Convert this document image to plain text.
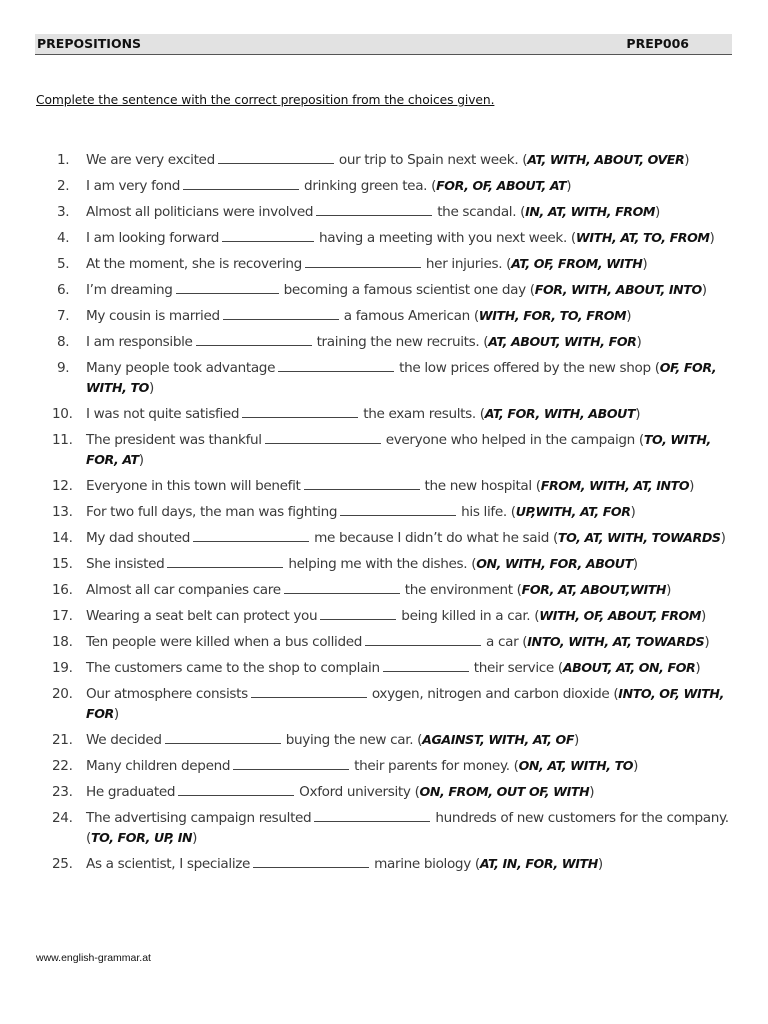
PREPOSITIONS	PREP006
Complete the sentence with the correct preposition from the choices given.
1.	We are very excited	our trip to Spain next week. (AT, WITH, ABOUT, OVER)
2.	I am very fond	drinking green tea. (FOR, OF, ABOUT, AT)
3.	Almost all politicians were involved	the scandal. (IN, AT, WITH, FROM)
4.	I am looking forward	having a meeting with you next week. (WITH, AT, TO, FROM)
5.	At the moment, she is recovering	her injuries. (AT, OF, FROM, WITH)
6.	I’m dreaming	becoming a famous scientist one day (FOR, WITH, ABOUT, INTO)
7.	My cousin is married	a famous American (WITH, FOR, TO, FROM)
8.	I am responsible	training the new recruits. (AT, ABOUT, WITH, FOR)
9.	Many people took advantage	the low prices offered by the new shop (OF, FOR, WITH, TO)
10. I was not quite satisfied	the exam results. (AT, FOR, WITH, ABOUT)
11. The president was thankful	everyone who helped in the campaign (TO, WITH, FOR, AT)
12. Everyone in this town will benefit	the new hospital (FROM, WITH, AT, INTO)
13. For two full days, the man was fighting	his life. (UP,WITH, AT, FOR)
14. My dad shouted	me because I didn’t do what he said (TO, AT, WITH, TOWARDS)
15. She insisted	helping me with the dishes. (ON, WITH, FOR, ABOUT)
16. Almost all car companies care	the environment (FOR, AT, ABOUT,WITH)
17. Wearing a seat belt can protect you	being killed in a car. (WITH, OF, ABOUT, FROM)
18. Ten people were killed when a bus collided	a car (INTO, WITH, AT, TOWARDS)
19. The customers came to the shop to complain	their service (ABOUT, AT, ON, FOR)
20. Our atmosphere consists	oxygen, nitrogen and carbon dioxide (INTO, OF, WITH, FOR)
21. We decided	buying the new car. (AGAINST, WITH, AT, OF)
22. Many children depend	their parents for money. (ON, AT, WITH, TO)
23. He graduated	Oxford university (ON, FROM, OUT OF, WITH)
24. The advertising campaign resulted	hundreds of new customers for the company. (TO, FOR, UP, IN)
25. As a scientist, I specialize	marine biology (AT, IN, FOR, WITH)
www.english-grammar.at
